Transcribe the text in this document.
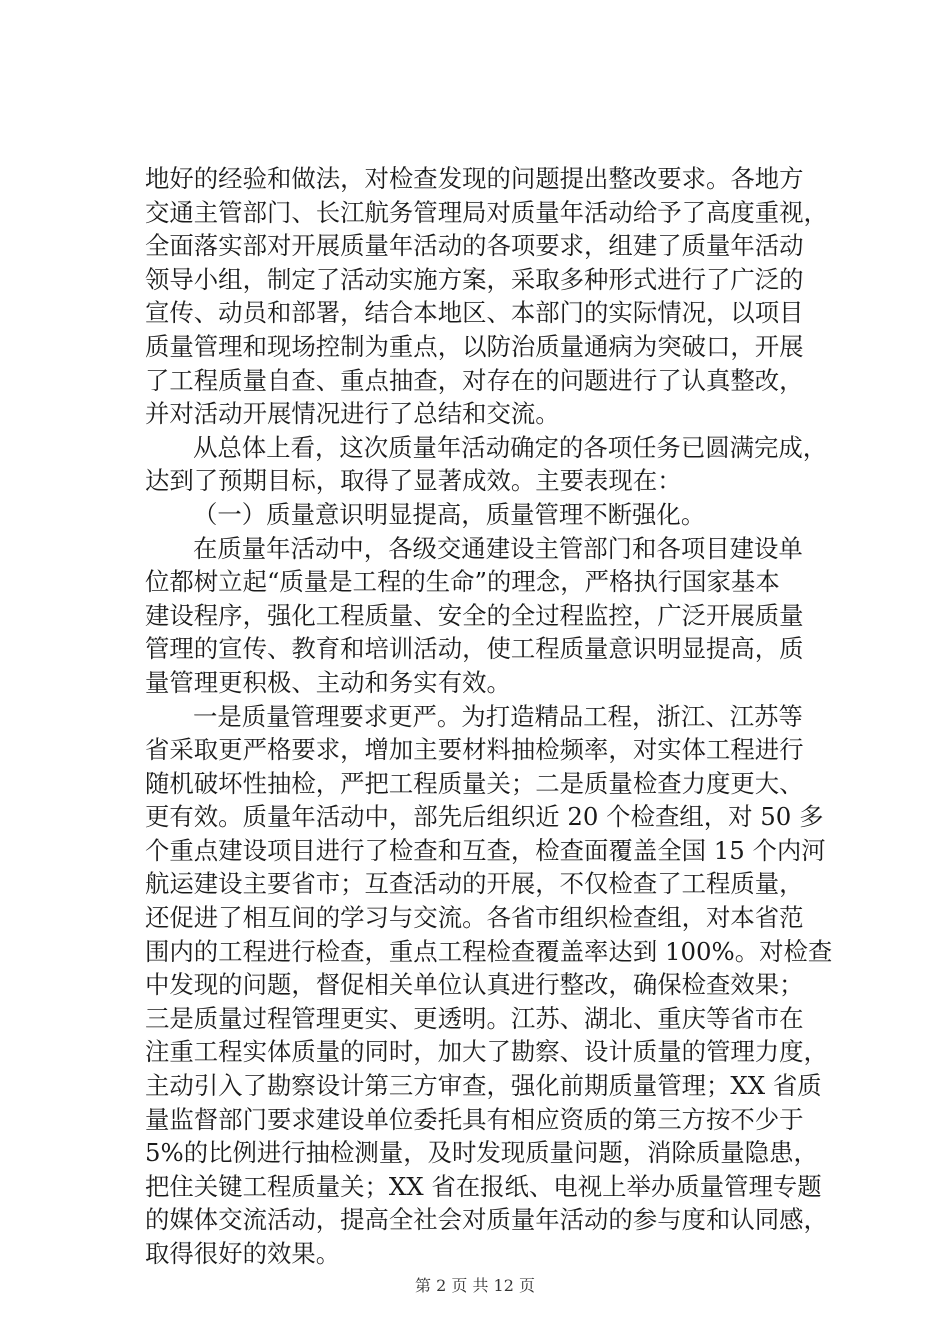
地好的经验和做法，对检查发现的问题提出整改要求。各地方
交通主管部门、长江航务管理局对质量年活动给予了高度重视，
全面落实部对开展质量年活动的各项要求，组建了质量年活动
领导小组，制定了活动实施方案，采取多种形式进行了广泛的
宣传、动员和部署，结合本地区、本部门的实际情况，以项目
质量管理和现场控制为重点，以防治质量通病为突破口，开展
了工程质量自查、重点抽查，对存在的问题进行了认真整改，
并对活动开展情况进行了总结和交流。
从总体上看，这次质量年活动确定的各项任务已圆满完成，
达到了预期目标，取得了显著成效。主要表现在：
（一）质量意识明显提高，质量管理不断强化。
在质量年活动中，各级交通建设主管部门和各项目建设单
位都树立起“质量是工程的生命”的理念，严格执行国家基本
建设程序，强化工程质量、安全的全过程监控，广泛开展质量
管理的宣传、教育和培训活动，使工程质量意识明显提高，质
量管理更积极、主动和务实有效。
一是质量管理要求更严。为打造精品工程，浙江、江苏等
省采取更严格要求，增加主要材料抽检频率，对实体工程进行
随机破坏性抽检，严把工程质量关；二是质量检查力度更大、
更有效。质量年活动中，部先后组织近 20 个检查组，对 50 多
个重点建设项目进行了检查和互查，检查面覆盖全国 15 个内河
航运建设主要省市；互查活动的开展，不仅检查了工程质量，
还促进了相互间的学习与交流。各省市组织检查组，对本省范
围内的工程进行检查，重点工程检查覆盖率达到 100%。对检查
中发现的问题，督促相关单位认真进行整改，确保检查效果；
三是质量过程管理更实、更透明。江苏、湖北、重庆等省市在
注重工程实体质量的同时，加大了勘察、设计质量的管理力度，
主动引入了勘察设计第三方审查，强化前期质量管理；XX 省质
量监督部门要求建设单位委托具有相应资质的第三方按不少于
5%的比例进行抽检测量，及时发现质量问题，消除质量隐患，
把住关键工程质量关；XX 省在报纸、电视上举办质量管理专题
的媒体交流活动，提高全社会对质量年活动的参与度和认同感，
取得很好的效果。
第 2 页 共 12 页
